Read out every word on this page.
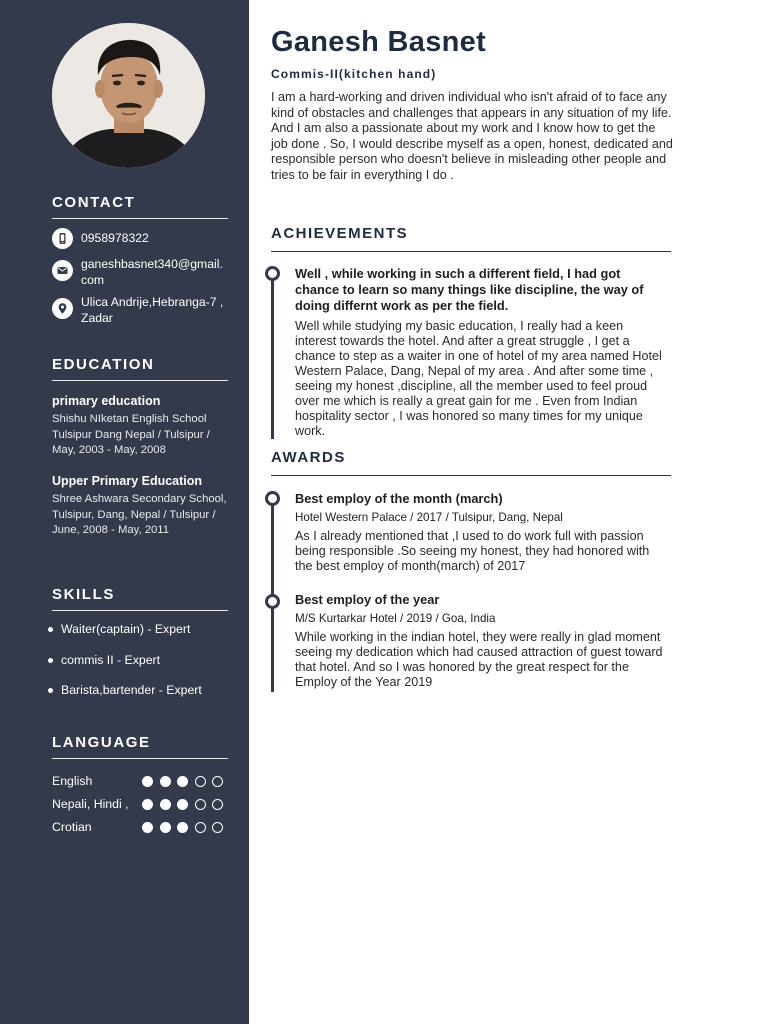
CONTACT
0958978322
ganeshbasnet340@gmail.com
Ulica Andrije,Hebranga-7 , Zadar
EDUCATION
primary education
Shishu NIketan English School Tulsipur Dang Nepal / Tulsipur / May, 2003 - May, 2008
Upper Primary Education
Shree Ashwara Secondary School, Tulsipur, Dang, Nepal / Tulsipur / June, 2008 - May, 2011
SKILLS
Waiter(captain) - Expert
commis II - Expert
Barista,bartender - Expert
LANGUAGE
English
Nepali, Hindi ,
Crotian
Ganesh Basnet
Commis-II(kitchen hand)
I am a hard-working and driven individual who isn't afraid of to face any kind of obstacles and challenges that appears in any situation of my life. And I am also a passionate about my work and I know how to get the job done . So, I would describe myself as a open, honest, dedicated and responsible person who doesn't believe in misleading other people and tries to be fair in everything I do .
ACHIEVEMENTS
Well , while working in such a different field, I had got chance to learn so many things like discipline, the way of doing differnt work as per the field.
Well while studying my basic education, I really had a keen interest towards the hotel. And after a great struggle , I get a chance to step as a waiter in one of hotel of my area named Hotel Western Palace, Dang, Nepal of my area . And after some time , seeing my honest ,discipline, all the member used to feel proud over me which is really a great gain for me . Even from Indian hospitality sector , I was honored so many times for my unique work.
AWARDS
Best employ of the month (march)
Hotel Western Palace / 2017 / Tulsipur, Dang, Nepal
As I already mentioned that ,I used to do work full with passion being responsible .So seeing my honest, they had honored with the best employ of month(march) of 2017
Best employ of the year
M/S Kurtarkar Hotel / 2019 / Goa, India
While working in the indian hotel, they were really in glad moment seeing my dedication which had caused attraction of guest toward that hotel. And so I was honored by the great respect for the Employ of the Year 2019
